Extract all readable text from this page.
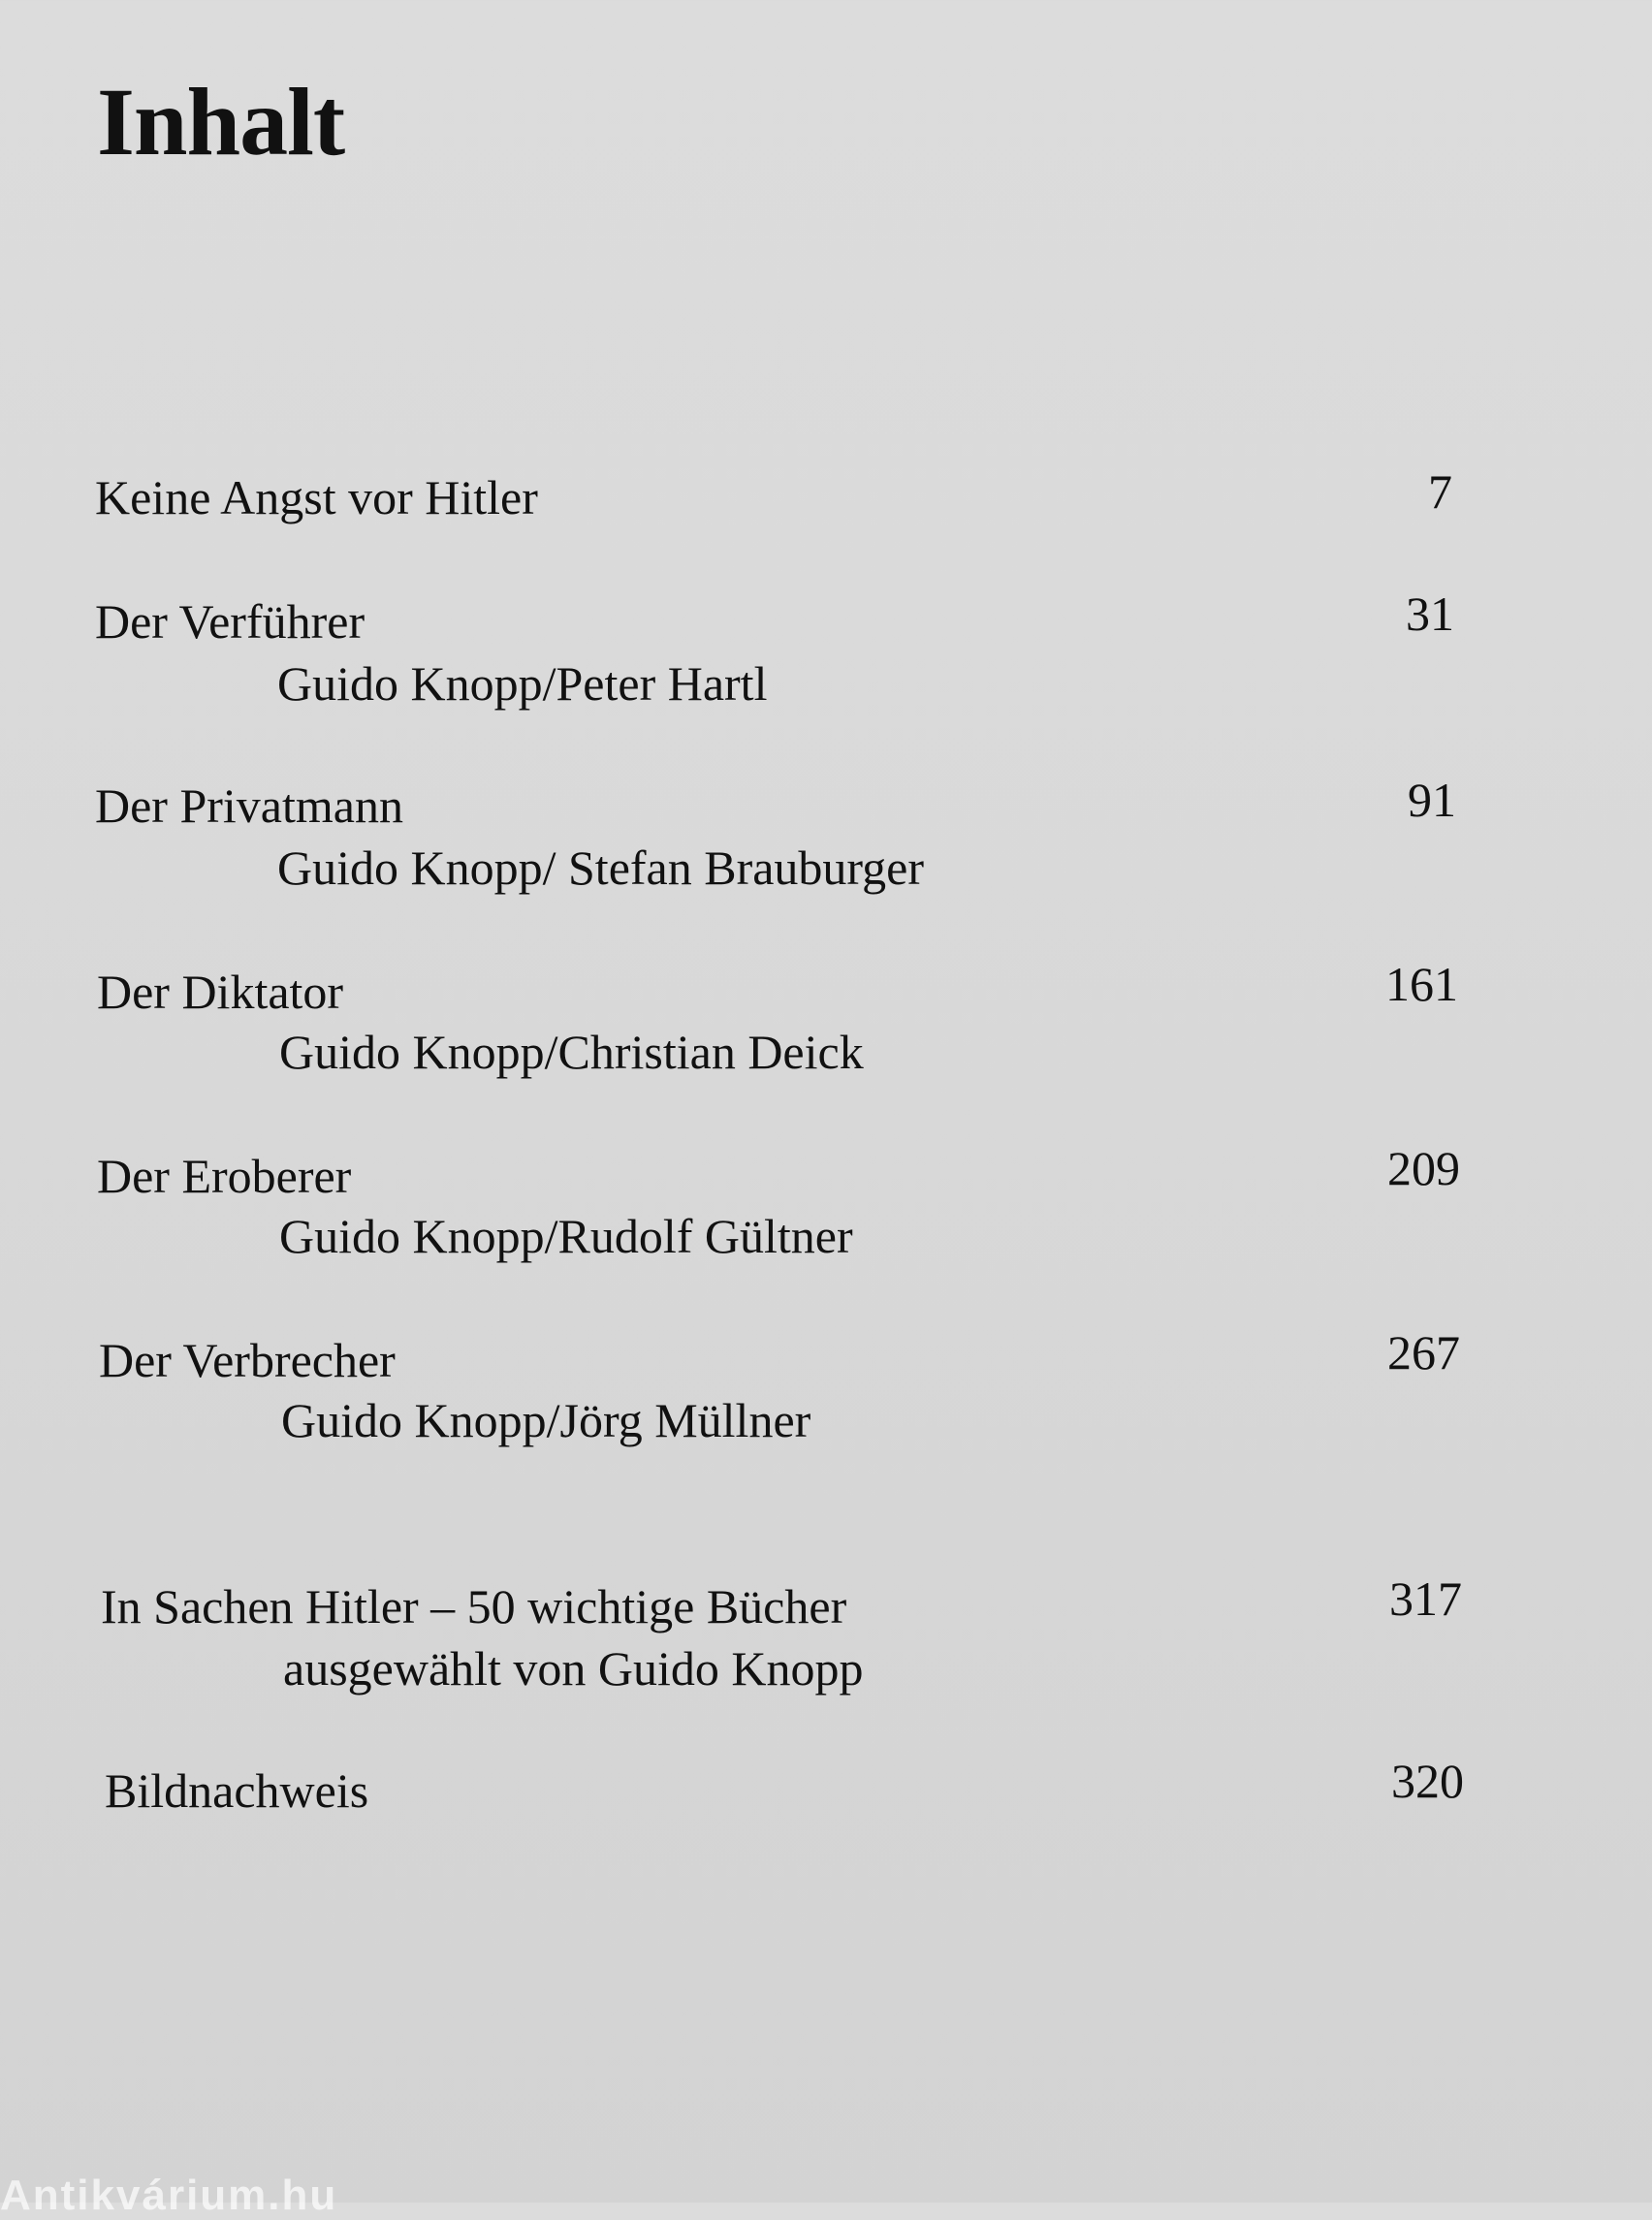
Inhalt
Keine Angst vor Hitler	7
Der Verführer
Guido Knopp/Peter Hartl
31
Der Privatmann
Guido Knopp/ Stefan Brauburger
91
Der Diktator
Guido Knopp/Christian Deick
161
Der Eroberer
Guido Knopp/Rudolf Gültner
209
Der Verbrecher
Guido Knopp/Jörg Müllner
267
In Sachen Hitler – 50 wichtige Bücher
ausgewählt von Guido Knopp
317
Bildnachweis	320
Antikvárium.hu
